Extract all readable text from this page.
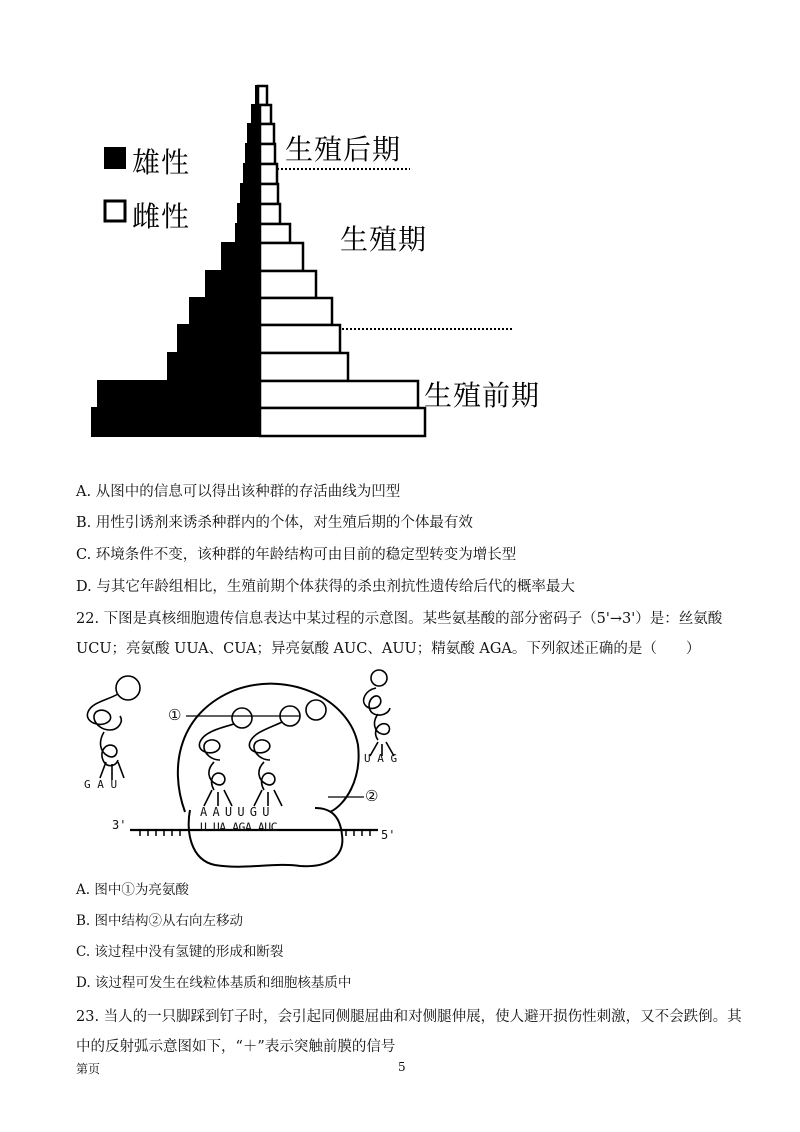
雄性
雌性
生殖后期
生殖期
生殖前期
A. 从图中的信息可以得出该种群的存活曲线为凹型
B. 用性引诱剂来诱杀种群内的个体，对生殖后期的个体最有效
C. 环境条件不变，该种群的年龄结构可由目前的稳定型转变为增长型
D. 与其它年龄组相比，生殖前期个体获得的杀虫剂抗性遗传给后代的概率最大
22. 下图是真核细胞遗传信息表达中某过程的示意图。某些氨基酸的部分密码子（5'→3'）是：丝氨酸
UCU；亮氨酸 UUA、CUA；异亮氨酸 AUC、AUU；精氨酸 AGA。下列叙述正确的是（　　）
①
②
3'
5'
G A U
U A G
A A U U G U
U UA AGA AUC
A. 图中①为亮氨酸
B. 图中结构②从右向左移动
C. 该过程中没有氢键的形成和断裂
D. 该过程可发生在线粒体基质和细胞核基质中
23. 当人的一只脚踩到钉子时，会引起同侧腿屈曲和对侧腿伸展，使人避开损伤性刺激，又不会跌倒。其
中的反射弧示意图如下，“＋”表示突触前膜的信号
第页	5
